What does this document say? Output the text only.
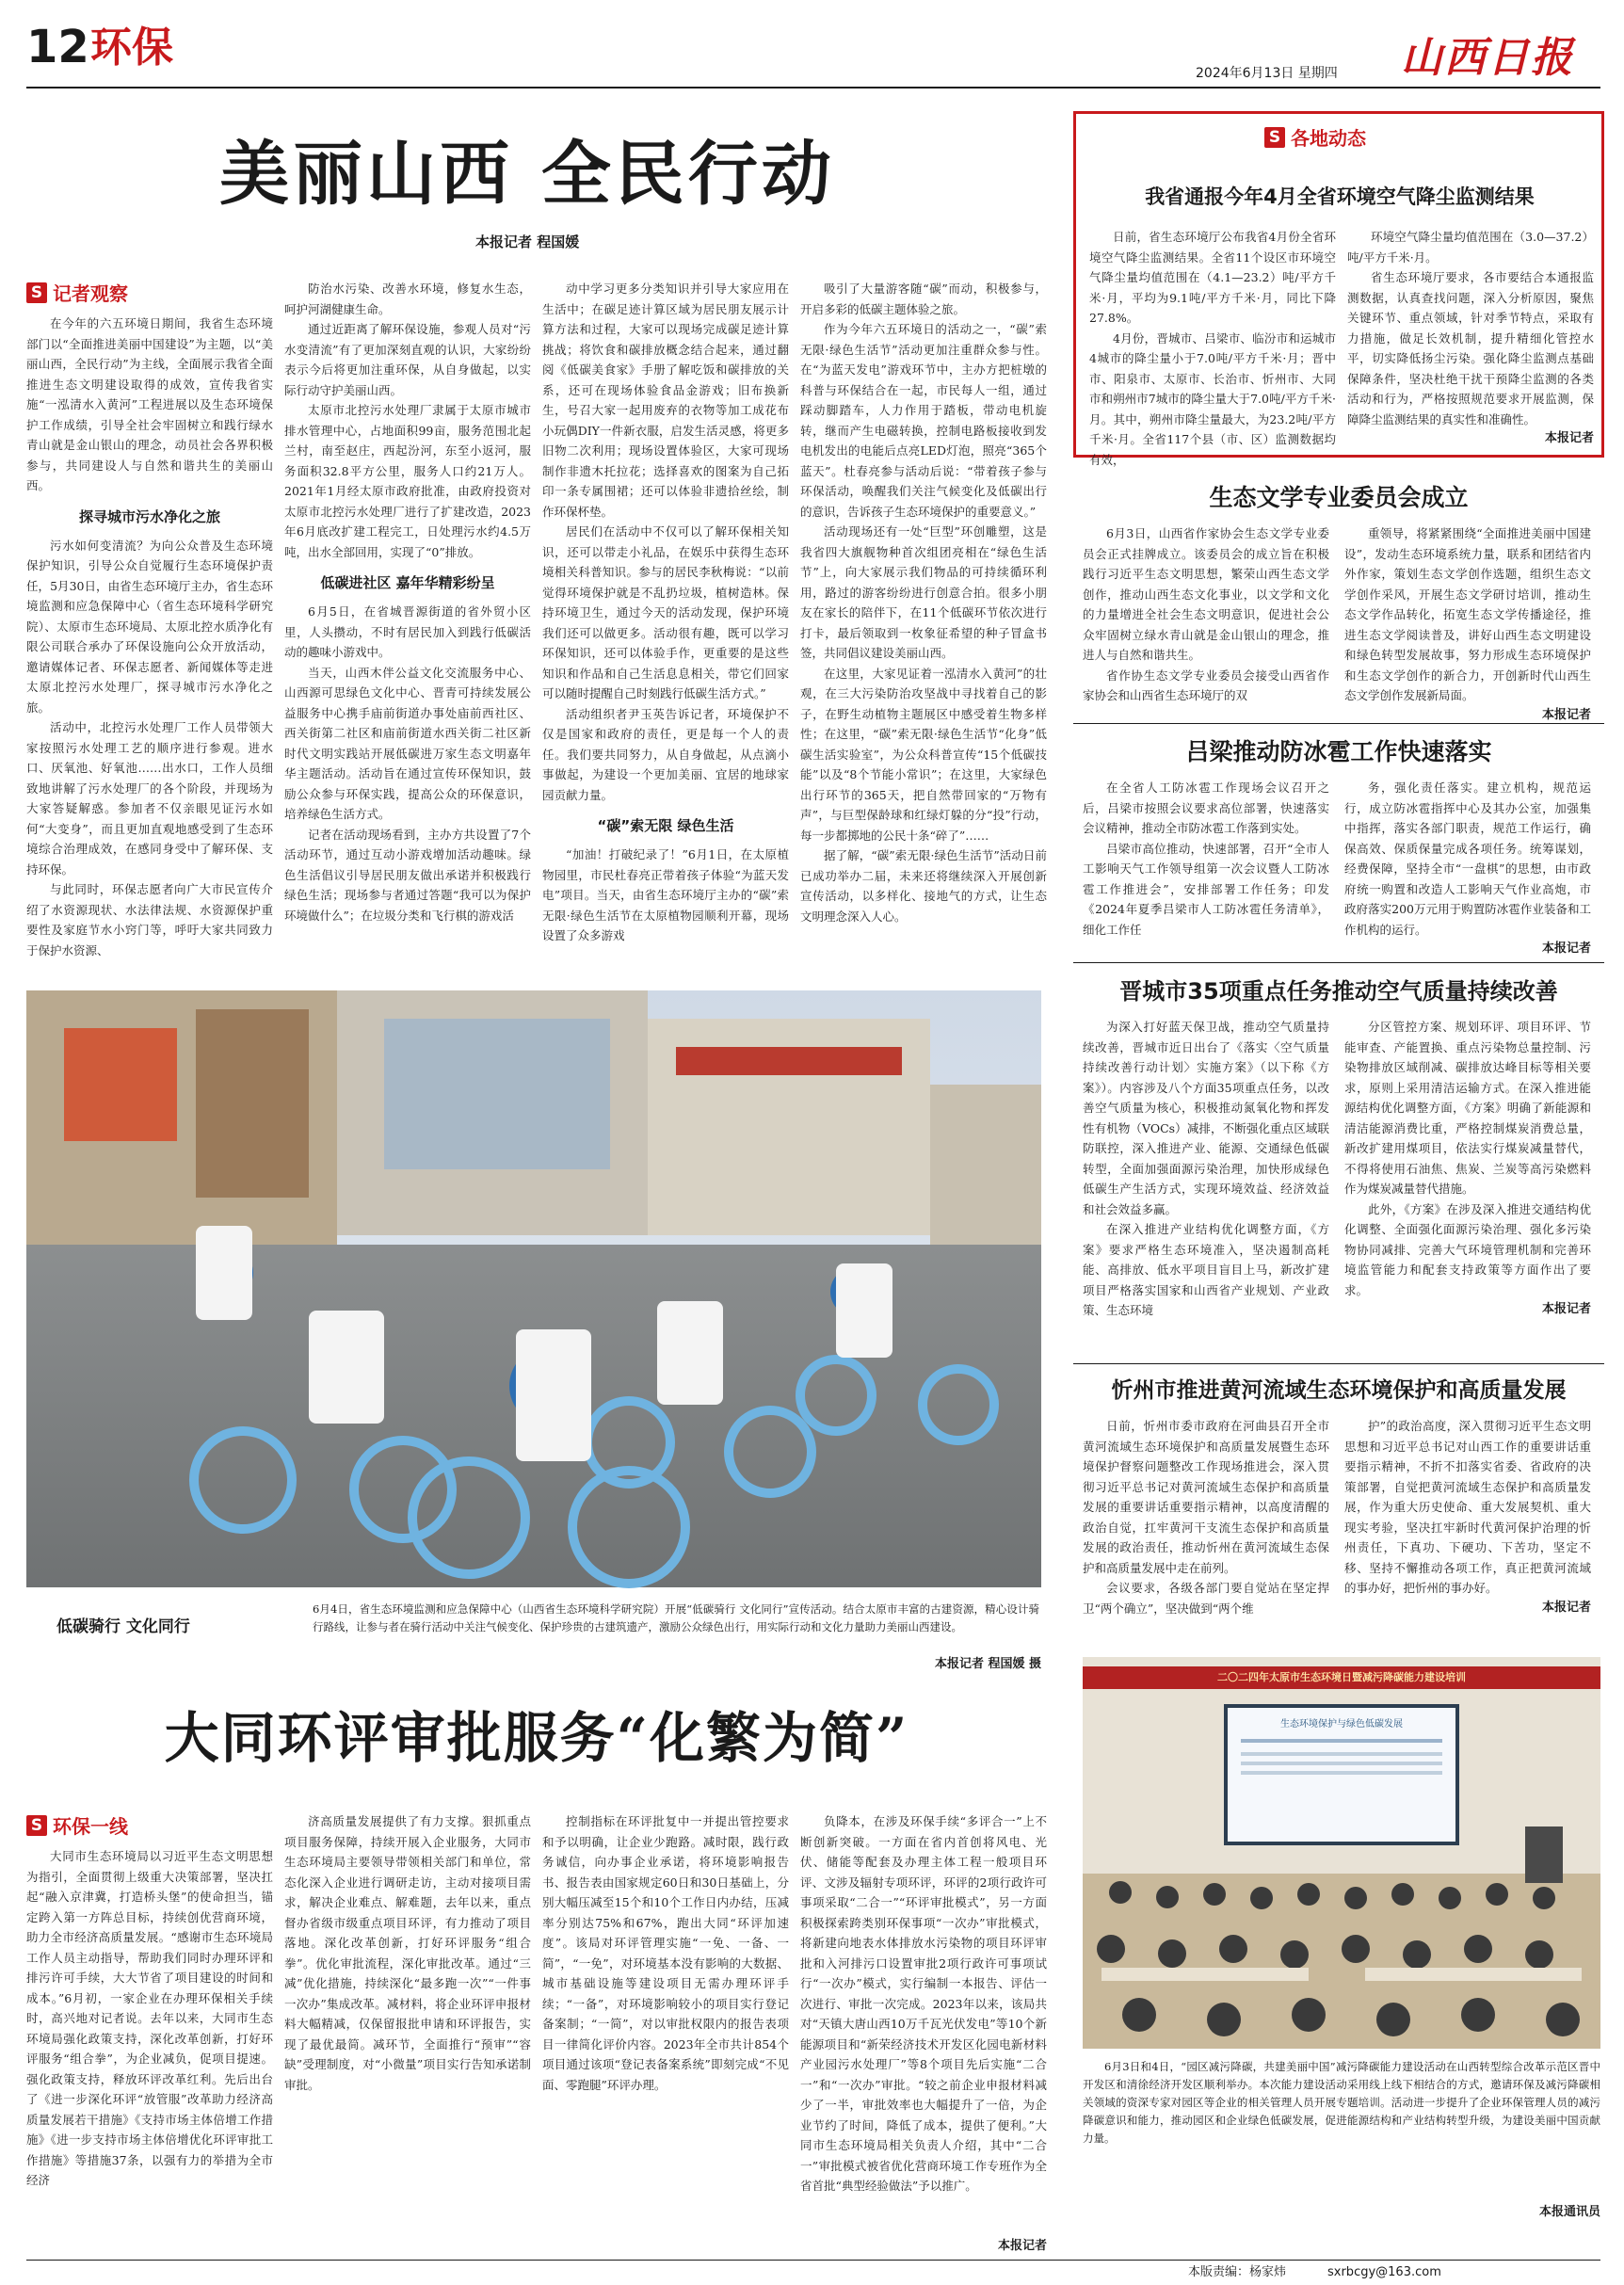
12 环保
2024年6月13日 星期四 山西日报
美丽山西 全民行动
本报记者 程国媛
S 记者观察

在今年的六五环境日期间，我省生态环境部门以“全面推进美丽中国建设”为主题，以“美丽山西，全民行动”为主线，全面展示我省全面推进生态文明建设取得的成效，宣传我省实施“一泓清水入黄河”工程进展以及生态环境保护工作成绩，引导全社会牢固树立和践行绿水青山就是金山银山的理念，动员社会各界积极参与，共同建设人与自然和谐共生的美丽山西。

探寻城市污水净化之旅

污水如何变清流？为向公众普及生态环境保护知识，引导公众自觉履行生态环境保护责任，5月30日，由省生态环境厅主办，省生态环境监测和应急保障中心（省生态环境科学研究院）、太原市生态环境局、太原北控水质净化有限公司联合承办了环保设施向公众开放活动，邀请媒体记者、环保志愿者、新闻媒体等走进太原北控污水处理厂，探寻城市污水净化之旅。

活动中，北控污水处理厂工作人员带领大家按照污水处理工艺的顺序进行参观。进水口、厌氧池、好氧池……出水口，工作人员细致地讲解了污水处理厂的各个阶段，并现场为大家答疑解惑。参加者不仅亲眼见证污水如何“大变身”，而且更加直观地感受到了生态环境综合治理成效，在感同身受中了解环保、支持环保。

与此同时，环保志愿者向广大市民宣传介绍了水资源现状、水法律法规、水资源保护重要性及家庭节水小窍门等，呼吁大家共同致力于保护水资源、

防治水污染、改善水环境，修复水生态，呵护河湖健康生命。

通过近距离了解环保设施，参观人员对“污水变清流”有了更加深刻直观的认识，大家纷纷表示今后将更加注重环保，从自身做起，以实际行动守护美丽山西。

太原市北控污水处理厂隶属于太原市城市排水管理中心，占地面积99亩，服务范围北起兰村，南至赵庄，西起汾河，东至小返河，服务面积32.8平方公里，服务人口约21万人。2021年1月经太原市政府批准，由政府投资对太原市北控污水处理厂进行了扩建改造，2023年6月底改扩建工程完工，日处理污水约4.5万吨，出水全部回用，实现了“0”排放。

低碳进社区 嘉年华精彩纷呈

6月5日，在省城晋源街道的省外贸小区里，人头攒动，不时有居民加入到践行低碳活动的趣味小游戏中。

当天，山西木伴公益文化交流服务中心、山西源可思绿色文化中心、晋青可持续发展公益服务中心携手庙前街道办事处庙前西社区、西关街第二社区和庙前街道水西关街二社区新时代文明实践站开展低碳进万家生态文明嘉年华主题活动。活动旨在通过宣传环保知识，鼓励公众参与环保实践，提高公众的环保意识，培养绿色生活方式。

记者在活动现场看到，主办方共设置了7个活动环节，通过互动小游戏增加活动趣味。绿色生活倡议引导居民朋友做出承诺并积极践行绿色生活；现场参与者通过答题“我可以为保护环境做什么”；在垃圾分类和飞行棋的游戏活

动中学习更多分类知识并引导大家应用在生活中；在碳足迹计算区域为居民朋友展示计算方法和过程，大家可以现场完成碳足迹计算挑战；将饮食和碳排放概念结合起来，通过翻阅《低碳美食家》手册了解吃饭和碳排放的关系，还可在现场体验食品金游戏；旧布换新生，号召大家一起用废弃的衣物等加工成花布小玩偶DIY一件新衣服，启发生活灵感，将更多旧物二次利用；现场设置体验区，大家可现场制作非遗木托拉花；选择喜欢的图案为自己拓印一条专属围裙；还可以体验非遗拾丝绘，制作环保杯垫。

居民们在活动中不仅可以了解环保相关知识，还可以带走小礼品，在娱乐中获得生态环境相关科普知识。参与的居民李秋梅说：“以前觉得环境保护就是不乱扔垃圾，植树造林。保持环境卫生，通过今天的活动发现，保护环境我们还可以做更多。活动很有趣，既可以学习环保知识，还可以体验手作，更重要的是这些知识和作品和自己生活息息相关，带它们回家可以随时提醒自己时刻践行低碳生活方式。”

活动组织者尹玉英告诉记者，环境保护不仅是国家和政府的责任，更是每一个人的责任。我们要共同努力，从自身做起，从点滴小事做起，为建设一个更加美丽、宜居的地球家园贡献力量。

“碳”索无限 绿色生活

“加油！打破纪录了！”6月1日，在太原植物园里，市民杜春亮正带着孩子体验“为蓝天发电”项目。当天，由省生态环境厅主办的“碳”索无限·绿色生活节在太原植物园顺利开幕，现场设置了众多游戏

吸引了大量游客随“碳”而动，积极参与，开启多彩的低碳主题体验之旅。

作为今年六五环境日的活动之一，“碳”索无限·绿色生活节”活动更加注重群众参与性。在“为蓝天发电”游戏环节中，主办方把桩墩的科普与环保结合在一起，市民每人一组，通过踩动脚踏车，人力作用于踏板，带动电机旋转，继而产生电磁转换，控制电路板接收到发电机发出的电能后点亮LED灯泡，照亮“365个蓝天”。杜春亮参与活动后说：“带着孩子参与环保活动，唤醒我们关注气候变化及低碳出行的意识，告诉孩子生态环境保护的重要意义。”

活动现场还有一处“巨型”环创雕塑，这是我省四大旗舰物种首次组团亮相在“绿色生活节”上，向大家展示我们物品的可持续循环利用，路过的游客纷纷进行创意合拍。很多小朋友在家长的陪伴下，在11个低碳环节依次进行打卡，最后领取到一枚象征希望的种子冒盒书签，共同倡议建设美丽山西。

在这里，大家见证着一泓清水入黄河”的壮观，在三大污染防治攻坚战中寻找着自己的影子，在野生动植物主题展区中感受着生物多样性；在这里，“碳”索无限·绿色生活节“化身”低碳生活实验室”，为公众科普宣传“15个低碳技能”以及“8个节能小常识”；在这里，大家绿色出行环节的365天，把自然带回家的“万物有声”，与巨型保龄球和红绿灯躲的分“投”行动，每一步都掷地的公民十条“碎了”……

据了解，“碳”索无限·绿色生活节”活动日前已成功举办二届，未来还将继续深入开展创新宣传活动，以多样化、接地气的方式，让生态文明理念深入人心。

低碳骑行 文化同行
6月4日，省生态环境监测和应急保障中心（山西省生态环境科学研究院）开展“低碳骑行 文化同行”宣传活动。结合太原市丰富的古建资源，精心设计骑行路线，让参与者在骑行活动中关注气候变化、保护珍贵的古建筑遗产，激励公众绿色出行，用实际行动和文化力量助力美丽山西建设。
本报记者 程国媛 摄
S 各地动态
我省通报今年4月全省环境空气降尘监测结果

日前，省生态环境厅公布我省4月份全省环境空气降尘监测结果。全省11个设区市环境空气降尘量均值范围在（4.1—23.2）吨/平方千米·月，平均为9.1吨/平方千米·月，同比下降27.8%。

4月份，晋城市、吕梁市、临汾市和运城市4城市的降尘量小于7.0吨/平方千米·月；晋中市、阳泉市、太原市、长治市、忻州市、大同市和朔州市7城市的降尘量大于7.0吨/平方千米·月。其中，朔州市降尘量最大，为23.2吨/平方千米·月。全省117个县（市、区）监测数据均有效，

环境空气降尘量均值范围在（3.0—37.2）吨/平方千米·月。

省生态环境厅要求，各市要结合本通报监测数据，认真查找问题，深入分析原因，聚焦关键环节、重点领域，针对季节特点，采取有力措施，做足长效机制，提升精细化管控水平，切实降低扬尘污染。强化降尘监测点基础保障条件，坚决杜绝干扰干预降尘监测的各类活动和行为，严格按照规范要求开展监测，保障降尘监测结果的真实性和准确性。

本报记者
生态文学专业委员会成立

6月3日，山西省作家协会生态文学专业委员会正式挂牌成立。该委员会的成立旨在积极践行习近平生态文明思想，繁荣山西生态文学创作，推动山西生态文化事业，以文学和文化的力量增进全社会生态文明意识，促进社会公众牢固树立绿水青山就是金山银山的理念，推进人与自然和谐共生。

省作协生态文学专业委员会接受山西省作家协会和山西省生态环境厅的双

重领导，将紧紧围绕“全面推进美丽中国建设”，发动生态环境系统力量，联系和团结省内外作家，策划生态文学创作选题，组织生态文学创作采风，开展生态文学研讨培训，推动生态文学作品转化，拓宽生态文学传播途径，推进生态文学阅读普及，讲好山西生态文明建设和绿色转型发展故事，努力形成生态环境保护和生态文学创作的新合力，开创新时代山西生态文学创作发展新局面。

本报记者
吕梁推动防冰雹工作快速落实

在全省人工防冰雹工作现场会议召开之后，吕梁市按照会议要求高位部署，快速落实会议精神，推动全市防冰雹工作落到实处。

吕梁市高位推动，快速部署，召开“全市人工影响天气工作领导组第一次会议暨人工防冰雹工作推进会”，安排部署工作任务；印发《2024年夏季吕梁市人工防冰雹任务清单》，细化工作任

务，强化责任落实。建立机构，规范运行，成立防冰雹指挥中心及其办公室，加强集中指挥，落实各部门职责，规范工作运行，确保高效、保质保量完成各项任务。统筹谋划，经费保障，坚持全市“一盘棋”的思想，由市政府统一购置和改造人工影响天气作业高炮，市政府落实200万元用于购置防冰雹作业装备和工作机构的运行。

本报记者
晋城市35项重点任务推动空气质量持续改善

为深入打好蓝天保卫战，推动空气质量持续改善，晋城市近日出台了《落实〈空气质量持续改善行动计划〉实施方案》（以下称《方案》）。内容涉及八个方面35项重点任务，以改善空气质量为核心，积极推动氮氧化物和挥发性有机物（VOCs）减排，不断强化重点区域联防联控，深入推进产业、能源、交通绿色低碳转型，全面加强面源污染治理，加快形成绿色低碳生产生活方式，实现环境效益、经济效益和社会效益多赢。

在深入推进产业结构优化调整方面，《方案》要求严格生态环境准入，坚决遏制高耗能、高排放、低水平项目盲目上马，新改扩建项目严格落实国家和山西省产业规划、产业政策、生态环境

分区管控方案、规划环评、项目环评、节能审查、产能置换、重点污染物总量控制、污染物排放区域削减、碳排放达峰目标等相关要求，原则上采用清洁运输方式。在深入推进能源结构优化调整方面，《方案》明确了新能源和清洁能源消费比重，严格控制煤炭消费总量，新改扩建用煤项目，依法实行煤炭减量替代，不得将使用石油焦、焦炭、兰炭等高污染燃料作为煤炭减量替代措施。

此外，《方案》在涉及深入推进交通结构优化调整、全面强化面源污染治理、强化多污染物协同减排、完善大气环境管理机制和完善环境监管能力和配套支持政策等方面作出了要求。

本报记者
忻州市推进黄河流域生态环境保护和高质量发展

日前，忻州市委市政府在河曲县召开全市黄河流域生态环境保护和高质量发展暨生态环境保护督察问题整改工作现场推进会，深入贯彻习近平总书记对黄河流域生态保护和高质量发展的重要讲话重要指示精神，以高度清醒的政治自觉，扛牢黄河干支流生态保护和高质量发展的政治责任，推动忻州在黄河流域生态保护和高质量发展中走在前列。

会议要求，各级各部门要自觉站在坚定捍卫“两个确立”，坚决做到“两个维

护”的政治高度，深入贯彻习近平生态文明思想和习近平总书记对山西工作的重要讲话重要指示精神，不折不扣落实省委、省政府的决策部署，自觉把黄河流域生态保护和高质量发展，作为重大历史使命、重大发展契机、重大现实考验，坚决扛牢新时代黄河保护治理的忻州责任，下真功、下硬功、下苦功，坚定不移、坚持不懈推动各项工作，真正把黄河流域的事办好，把忻州的事办好。

本报记者
二〇二四年太原市生态环境日暨减污降碳能力建设培训
生态环境保护与绿色低碳发展
6月3日和4日，“园区减污降碳，共建美丽中国”减污降碳能力建设活动在山西转型综合改革示范区晋中开发区和清徐经济开发区顺利举办。本次能力建设活动采用线上线下相结合的方式，邀请环保及减污降碳相关领域的资深专家对园区等企业的相关管理人员开展专题培训。活动进一步提升了企业环保管理人员的减污降碳意识和能力，推动园区和企业绿色低碳发展，促进能源结构和产业结构转型升级，为建设美丽中国贡献力量。
本报通讯员
大同环评审批服务“化繁为简”
S 环保一线

大同市生态环境局以习近平生态文明思想为指引，全面贯彻上级重大决策部署，坚决扛起“融入京津冀，打造桥头堡”的使命担当，锚定跨入第一方阵总目标，持续创优营商环境，助力全市经济高质量发展。“感谢市生态环境局工作人员主动指导，帮助我们同时办理环评和排污许可手续，大大节省了项目建设的时间和成本。”6月初，一家企业在办理环保相关手续时，高兴地对记者说。去年以来，大同市生态环境局强化政策支持，深化改革创新，打好环评服务“组合拳”，为企业减负，促项目提速。强化政策支持，释放环评改革红利。先后出台了《进一步深化环评“放管服”改革助力经济高质量发展若干措施》《支持市场主体倍增工作措施》《进一步支持市场主体倍增优化环评审批工作措施》等措施37条，以强有力的举措为全市经济

济高质量发展提供了有力支撑。狠抓重点项目服务保障，持续开展入企业服务，大同市生态环境局主要领导带领相关部门和单位，常态化深入企业进行调研走访，主动对接项目需求，解决企业难点、解难题，去年以来，重点督办省级市级重点项目环评，有力推动了项目落地。深化改革创新，打好环评服务“组合拳”。优化审批流程，深化审批改革。通过“三减”优化措施，持续深化“最多跑一次”“一件事一次办”集成改革。减材料，将企业环评申报材料大幅精减，仅保留报批申请和环评报告，实现了最优最简。减环节，全面推行“预审”“容缺”受理制度，对“小微量”项目实行告知承诺制审批。

控制指标在环评批复中一并提出管控要求和予以明确，让企业少跑路。减时限，践行政务诚信，向办事企业承诺，将环境影响报告书、报告表由国家规定60日和30日基础上，分别大幅压减至15个和10个工作日内办结，压减率分别达75%和67%，跑出大同“环评加速度”。该局对环评管理实施“一免、一备、一简”，“一免”，对环境基本没有影响的大数据、城市基础设施等建设项目无需办理环评手续；“一备”，对环境影响较小的项目实行登记备案制；“一简”，对以审批权限内的报告表项目一律简化评价内容。2023年全市共计854个项目通过该项“登记表备案系统”即刻完成“不见面、零跑腿”环评办理。

负降本，在涉及环保手续“多评合一”上不断创新突破。一方面在省内首创将风电、光伏、储能等配套及办理主体工程一般项目环评、文涉及辐射专项环评，环评的2项行政许可事项采取“二合一”“环评审批模式”，另一方面积极探索跨类别环保事项“一次办”审批模式，将新建向地表水体排放水污染物的项目环评审批和入河排污口设置审批2项行政许可事项试行“一次办”模式，实行编制一本报告、评估一次进行、审批一次完成。2023年以来，该局共对“天镇大唐山西10万千瓦光伏发电”等10个新能源项目和“新荣经济技术开发区化园电新材料产业园污水处理厂”等8个项目先后实施“二合一”和“一次办”审批。“较之前企业申报材料减少了一半，审批效率也大幅提升了一倍，为企业节约了时间，降低了成本，提供了便利。”大同市生态环境局相关负责人介绍，其中“二合一”审批模式被省优化营商环境工作专班作为全省首批“典型经验做法”予以推广。

本报记者
本版责编：杨家炜	sxrbcgy@163.com
